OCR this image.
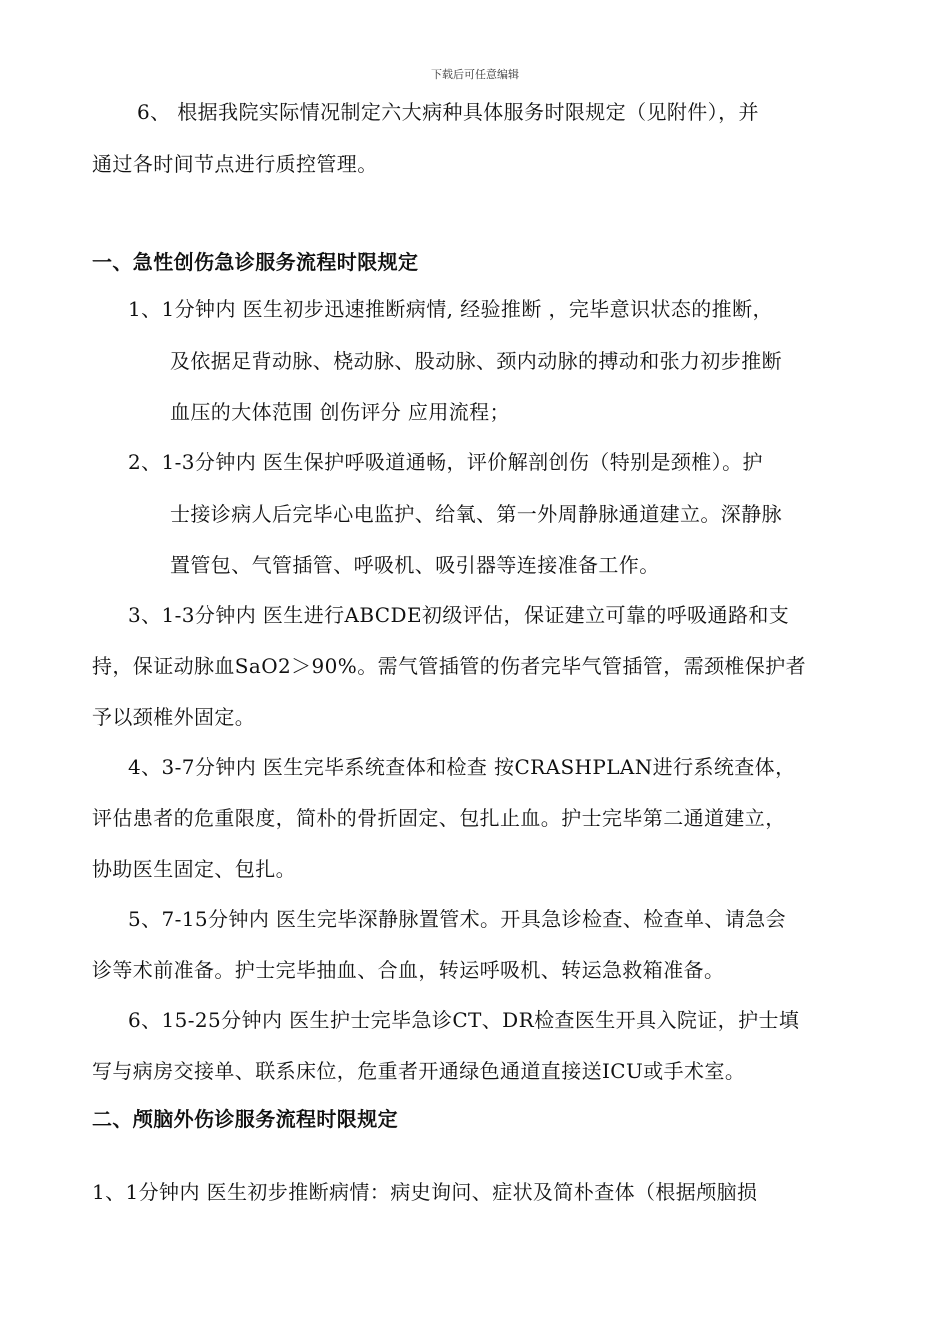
下载后可任意编辑
6、 根据我院实际情况制定六大病种具体服务时限规定（见附件），并
通过各时间节点进行质控管理。
一、急性创伤急诊服务流程时限规定
1、1分钟内 医生初步迅速推断病情, 经验推断 ，完毕意识状态的推断，
及依据足背动脉、桡动脉、股动脉、颈内动脉的搏动和张力初步推断
血压的大体范围 创伤评分 应用流程；
2、1-3分钟内 医生保护呼吸道通畅，评价解剖创伤（特别是颈椎）。护
士接诊病人后完毕心电监护、给氧、第一外周静脉通道建立。深静脉
置管包、气管插管、呼吸机、吸引器等连接准备工作。
3、1-3分钟内 医生进行ABCDE初级评估，保证建立可靠的呼吸通路和支
持，保证动脉血SaO2＞90%。需气管插管的伤者完毕气管插管，需颈椎保护者
予以颈椎外固定。
4、3-7分钟内 医生完毕系统查体和检查 按CRASHPLAN进行系统查体，
评估患者的危重限度，简朴的骨折固定、包扎止血。护士完毕第二通道建立，
协助医生固定、包扎。
5、7-15分钟内 医生完毕深静脉置管术。开具急诊检查、检查单、请急会
诊等术前准备。护士完毕抽血、合血，转运呼吸机、转运急救箱准备。
6、15-25分钟内 医生护士完毕急诊CT、DR检查医生开具入院证，护士填
写与病房交接单、联系床位，危重者开通绿色通道直接送ICU或手术室。
二、颅脑外伤诊服务流程时限规定
1、1分钟内 医生初步推断病情：病史询问、症状及简朴查体（根据颅脑损
